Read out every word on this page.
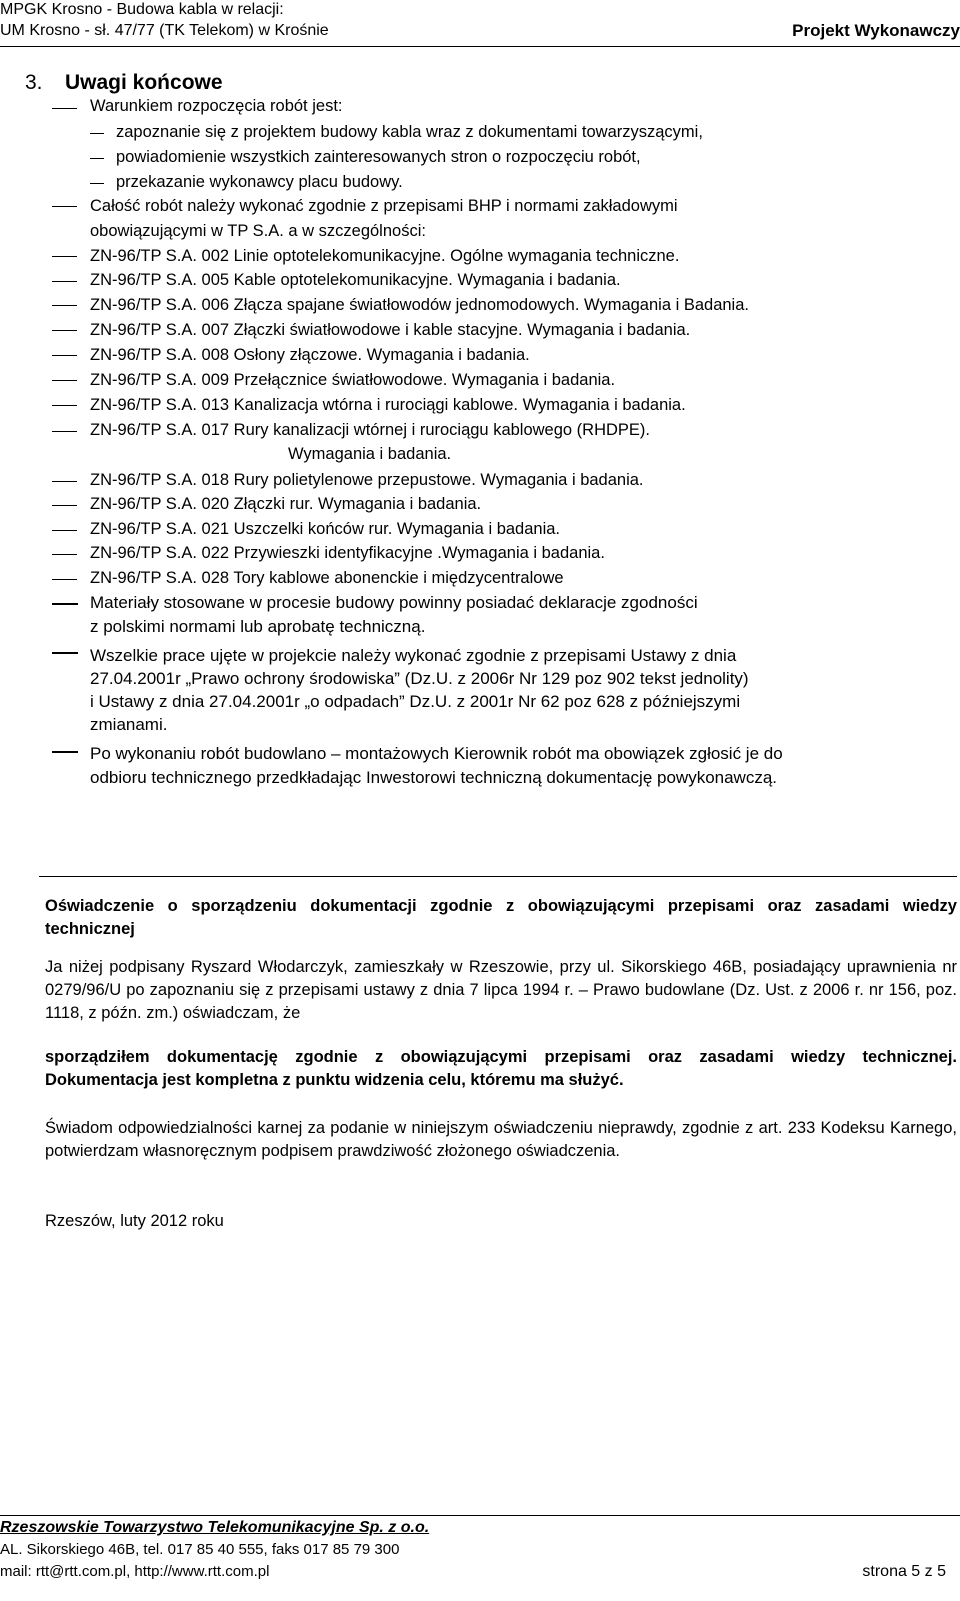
MPGK Krosno - Budowa kabla w relacji:
UM Krosno - sł. 47/77 (TK Telekom) w Krośnie	Projekt Wykonawczy
3. Uwagi końcowe
Warunkiem rozpoczęcia robót jest:
zapoznanie się z projektem budowy kabla wraz z dokumentami towarzyszącymi,
powiadomienie wszystkich zainteresowanych stron o rozpoczęciu robót,
przekazanie wykonawcy placu budowy.
Całość robót należy wykonać zgodnie z przepisami BHP i normami zakładowymi
obowiązującymi w TP S.A. a w szczególności:
ZN-96/TP S.A. 002 Linie optotelekomunikacyjne. Ogólne wymagania techniczne.
ZN-96/TP S.A. 005 Kable optotelekomunikacyjne. Wymagania i badania.
ZN-96/TP S.A. 006 Złącza spajane światłowodów jednomodowych. Wymagania i Badania.
ZN-96/TP S.A. 007 Złączki światłowodowe i kable stacyjne. Wymagania i badania.
ZN-96/TP S.A. 008 Osłony złączowe. Wymagania i badania.
ZN-96/TP S.A. 009 Przełącznice światłowodowe. Wymagania i badania.
ZN-96/TP S.A. 013 Kanalizacja wtórna i rurociągi kablowe. Wymagania i badania.
ZN-96/TP S.A. 017 Rury kanalizacji wtórnej i rurociągu kablowego (RHDPE).
Wymagania i badania.
ZN-96/TP S.A. 018 Rury polietylenowe przepustowe. Wymagania i badania.
ZN-96/TP S.A. 020 Złączki rur. Wymagania i badania.
ZN-96/TP S.A. 021 Uszczelki końców rur. Wymagania i badania.
ZN-96/TP S.A. 022 Przywieszki identyfikacyjne .Wymagania i badania.
ZN-96/TP S.A. 028 Tory kablowe abonenckie i międzycentralowe
Materiały stosowane w procesie budowy powinny posiadać deklaracje zgodności
z polskimi normami lub aprobatę techniczną.
Wszelkie prace ujęte w projekcie należy wykonać zgodnie z przepisami Ustawy z dnia
27.04.2001r „Prawo ochrony środowiska” (Dz.U. z 2006r Nr 129 poz 902 tekst jednolity)
i Ustawy z dnia 27.04.2001r „o odpadach” Dz.U. z 2001r Nr 62 poz 628 z późniejszymi
zmianami.
Po wykonaniu robót budowlano – montażowych Kierownik robót ma obowiązek zgłosić je do
odbioru technicznego przedkładając Inwestorowi techniczną dokumentację powykonawczą.

Oświadczenie o sporządzeniu dokumentacji zgodnie z obowiązującymi przepisami oraz zasadami wiedzy technicznej

Ja niżej podpisany Ryszard Włodarczyk, zamieszkały w Rzeszowie, przy ul. Sikorskiego 46B, posiadający uprawnienia nr 0279/96/U po zapoznaniu się z przepisami ustawy z dnia 7 lipca 1994 r. – Prawo budowlane (Dz. Ust. z 2006 r. nr 156, poz. 1118, z późn. zm.) oświadczam, że

sporządziłem dokumentację zgodnie z obowiązującymi przepisami oraz zasadami wiedzy technicznej. Dokumentacja jest kompletna z punktu widzenia celu, któremu ma służyć.

Świadom odpowiedzialności karnej za podanie w niniejszym oświadczeniu nieprawdy, zgodnie z art. 233 Kodeksu Karnego, potwierdzam własnoręcznym podpisem prawdziwość złożonego oświadczenia.

Rzeszów, luty 2012 roku

Rzeszowskie Towarzystwo Telekomunikacyjne Sp. z o.o.
AL. Sikorskiego 46B, tel. 017 85 40 555, faks 017 85 79 300
mail: rtt@rtt.com.pl, http://www.rtt.com.pl	strona 5 z 5
